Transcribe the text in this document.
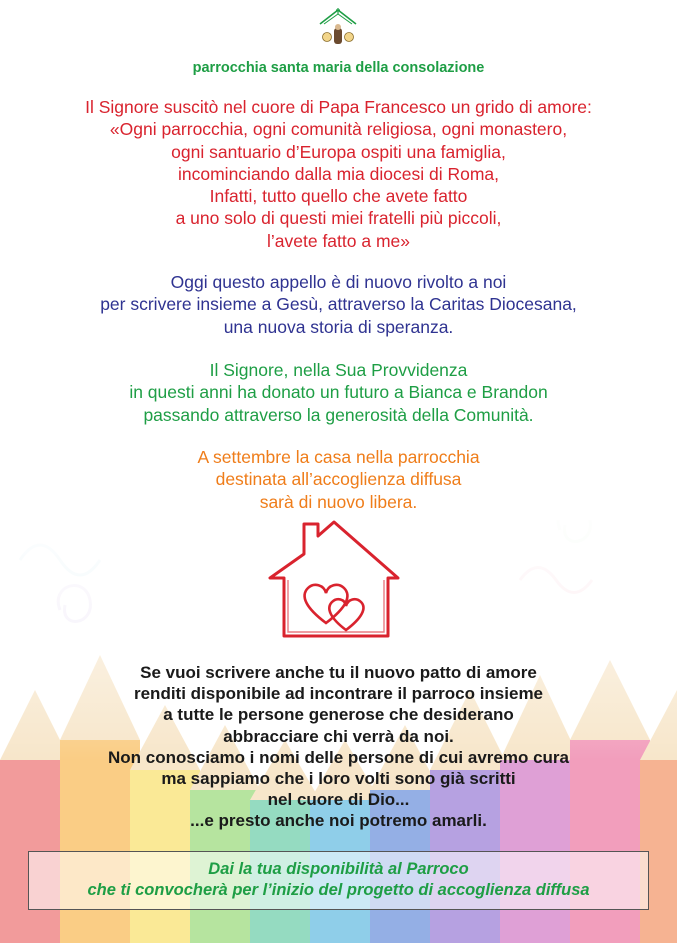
parrocchia santa maria della consolazione
Il Signore suscitò nel cuore di Papa Francesco un grido di amore:
«Ogni parrocchia, ogni comunità religiosa, ogni monastero,
ogni santuario d’Europa ospiti una famiglia,
incominciando dalla mia diocesi di Roma,
Infatti, tutto quello che avete fatto
a uno solo di questi miei fratelli più piccoli,
l’avete fatto a me»
Oggi questo appello è di nuovo rivolto a noi
per scrivere insieme a Gesù, attraverso la Caritas Diocesana,
una nuova storia di speranza.
Il Signore, nella Sua Provvidenza
in questi anni ha donato un futuro a Bianca e Brandon
passando attraverso la generosità della Comunità.
A settembre la casa nella parrocchia
destinata all’accoglienza diffusa
sarà di nuovo libera.
Se vuoi scrivere anche tu il nuovo patto di amore
renditi disponibile ad incontrare il parroco insieme
a tutte le persone generose che desiderano
abbracciare chi verrà da noi.
Non conosciamo i nomi delle persone di cui avremo cura
ma sappiamo che i loro volti sono già scritti
nel cuore di Dio...
...e presto anche noi potremo amarli.
Dai la tua disponibilità al Parroco
che ti convocherà per l’inizio del progetto di accoglienza diffusa
